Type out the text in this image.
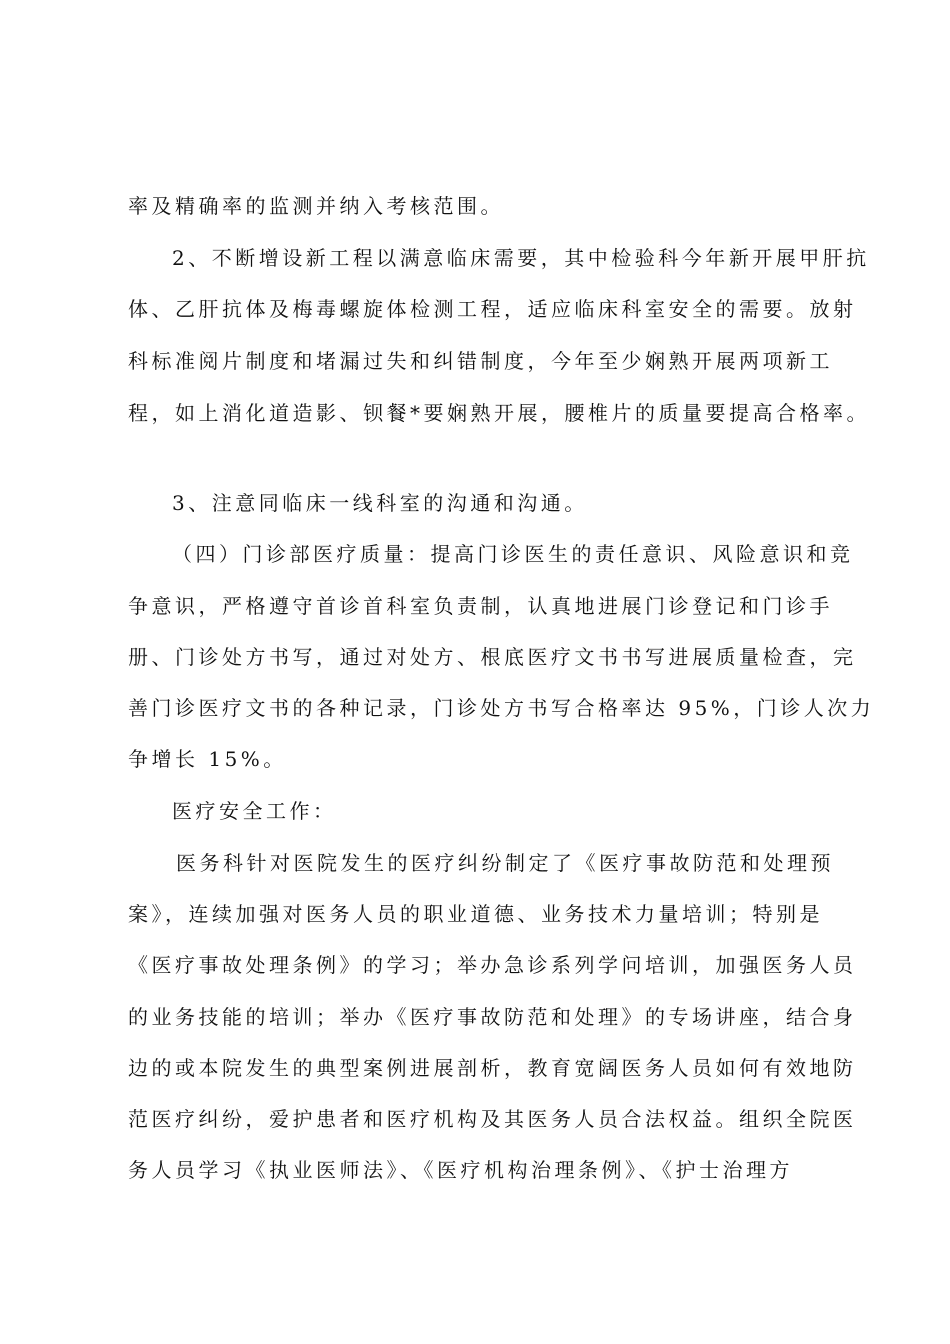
率及精确率的监测并纳入考核范围。
2、不断增设新工程以满意临床需要，其中检验科今年新开展甲肝抗
体、乙肝抗体及梅毒螺旋体检测工程，适应临床科室安全的需要。放射
科标准阅片制度和堵漏过失和纠错制度，今年至少娴熟开展两项新工
程，如上消化道造影、钡餐*要娴熟开展，腰椎片的质量要提高合格率。
3、注意同临床一线科室的沟通和沟通。
（四）门诊部医疗质量：提高门诊医生的责任意识、风险意识和竞
争意识，严格遵守首诊首科室负责制，认真地进展门诊登记和门诊手
册、门诊处方书写，通过对处方、根底医疗文书书写进展质量检查，完
善门诊医疗文书的各种记录，门诊处方书写合格率达 95%，门诊人次力
争增长 15%。
医疗安全工作：
医务科针对医院发生的医疗纠纷制定了《医疗事故防范和处理预
案》，连续加强对医务人员的职业道德、业务技术力量培训；特别是
《医疗事故处理条例》的学习；举办急诊系列学问培训，加强医务人员
的业务技能的培训；举办《医疗事故防范和处理》的专场讲座，结合身
边的或本院发生的典型案例进展剖析，教育宽阔医务人员如何有效地防
范医疗纠纷，爱护患者和医疗机构及其医务人员合法权益。组织全院医
务人员学习《执业医师法》、《医疗机构治理条例》、《护士治理方
